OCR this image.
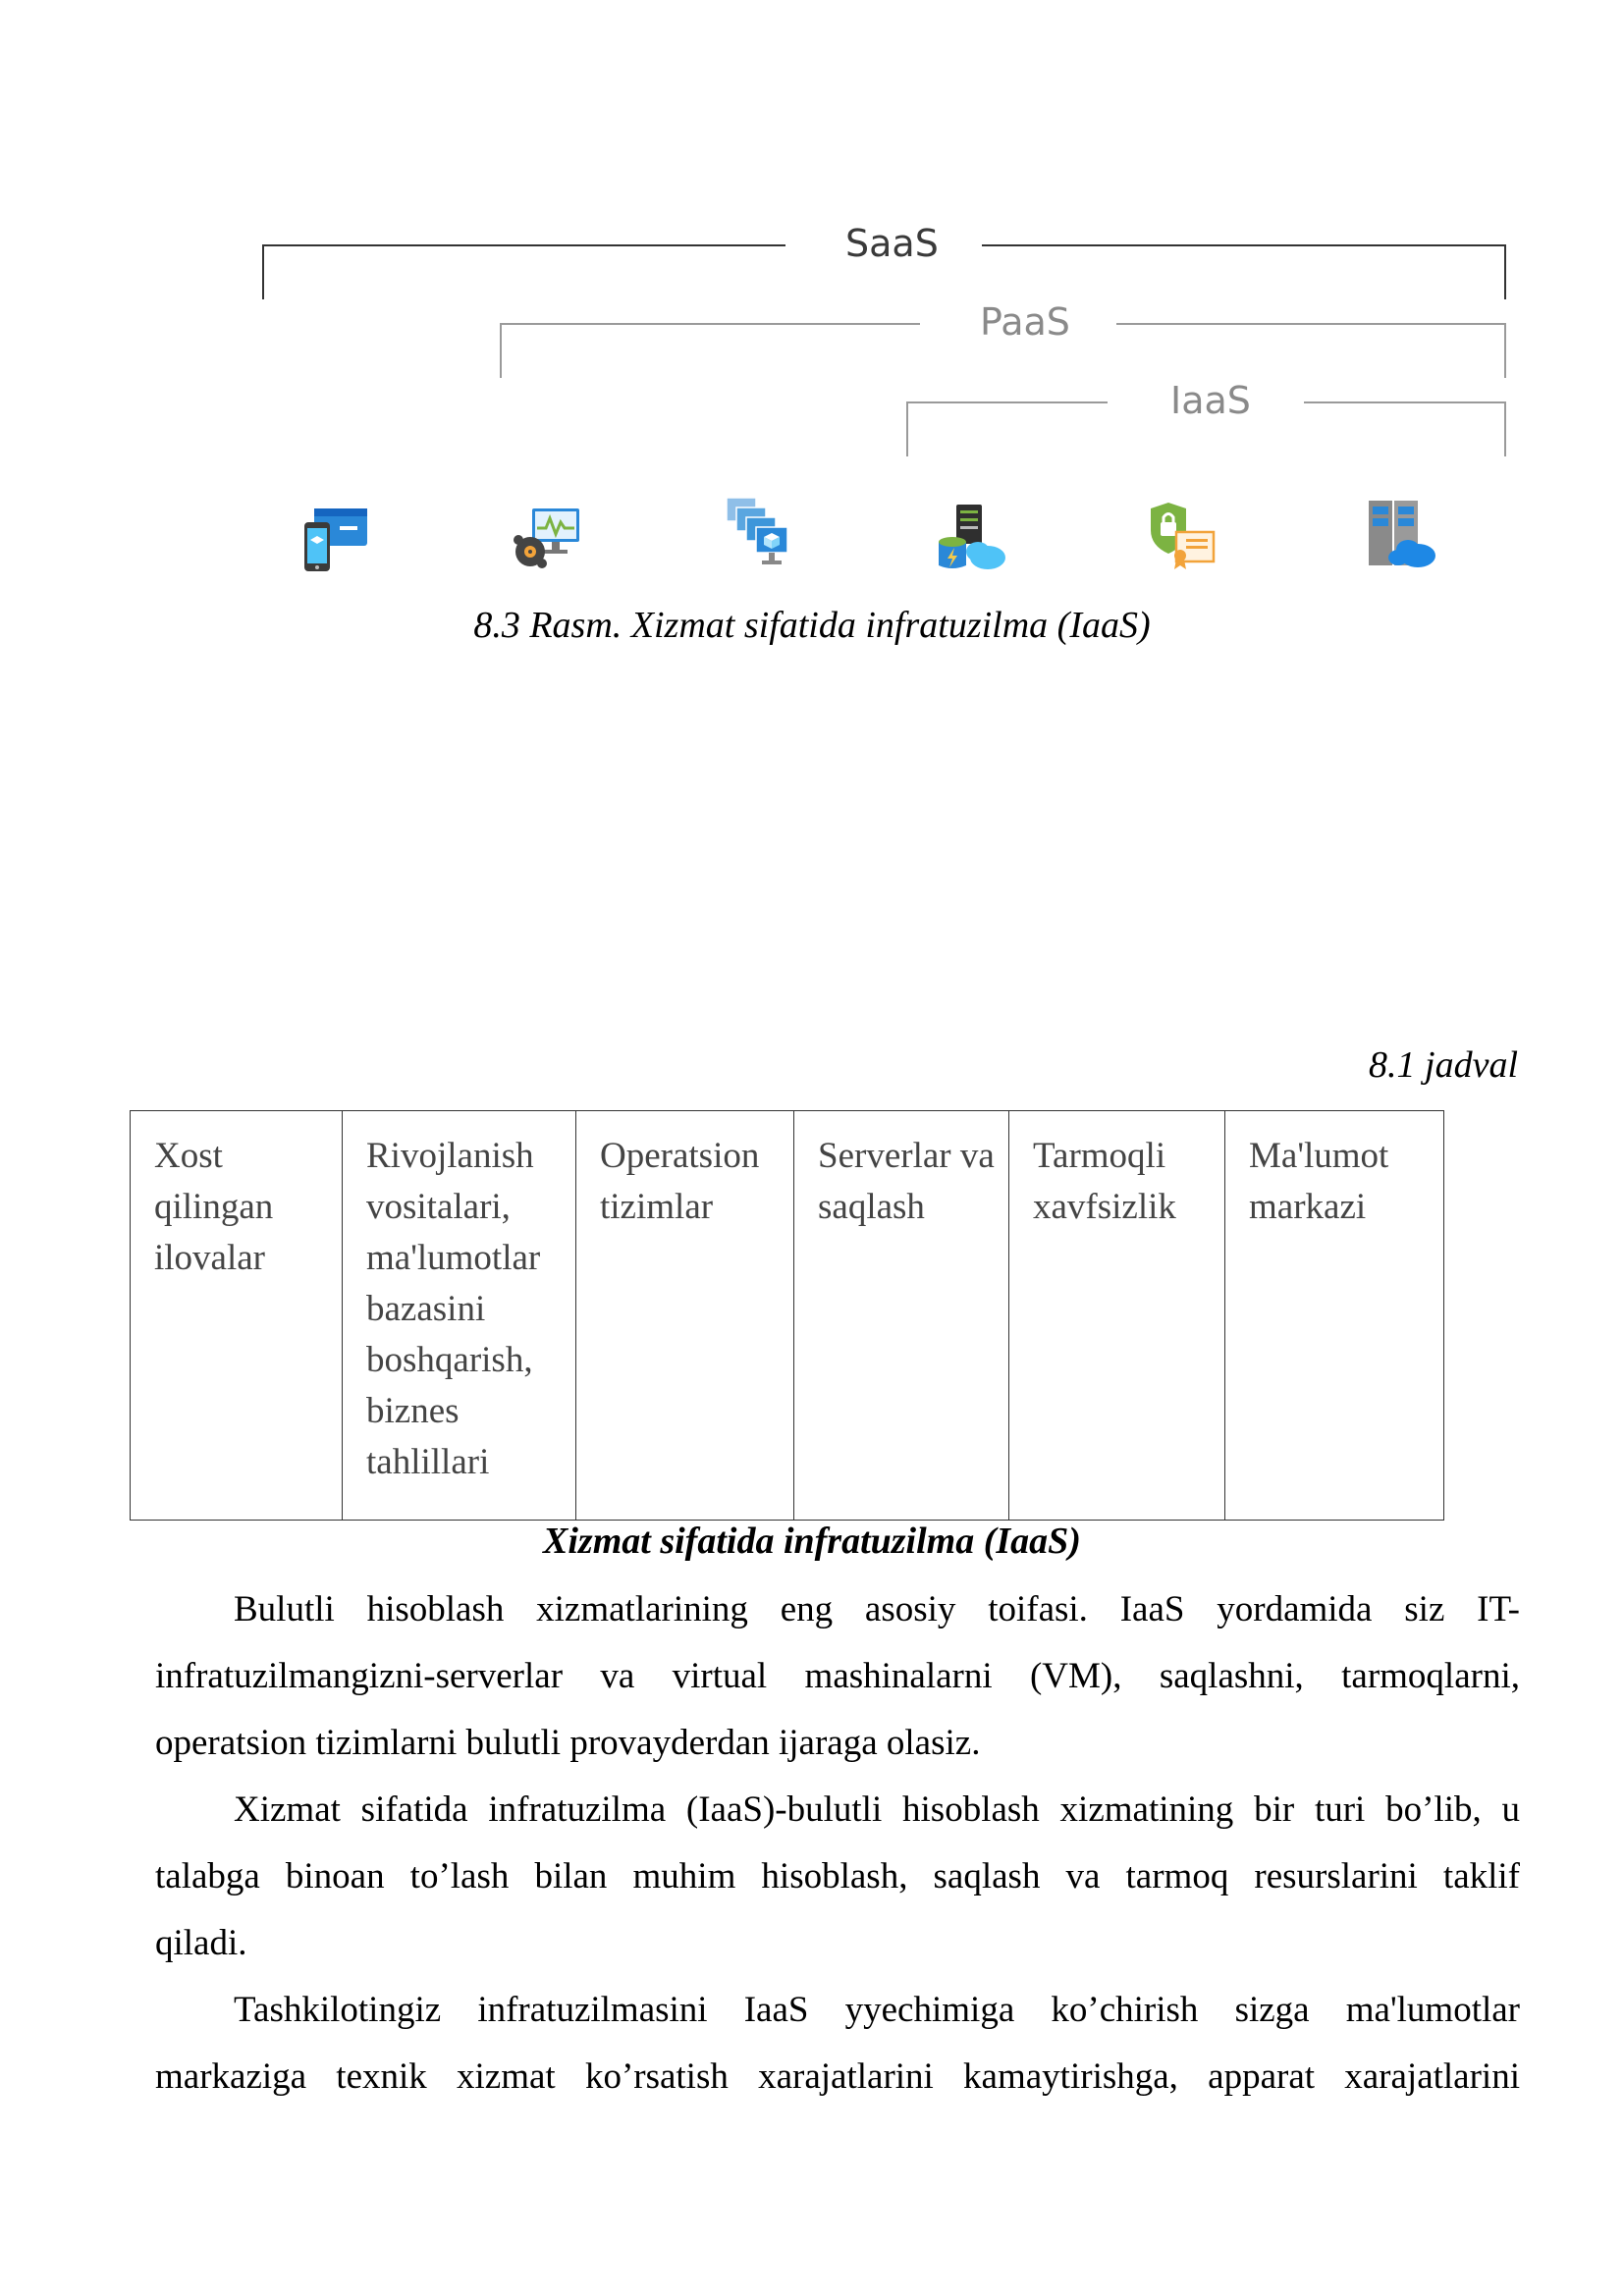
SaaS
PaaS
IaaS
8.3 Rasm. Xizmat sifatida infratuzilma (IaaS)
8.1 jadval
Xost qilingan ilovalar	Rivojlanish vositalari, ma'lumotlar bazasini boshqarish, biznes tahlillari	Operatsion tizimlar	Serverlar va saqlash	Tarmoqli xavfsizlik	Ma'lumot markazi
Xizmat sifatida infratuzilma (IaaS)
Bulutli hisoblash xizmatlarining eng asosiy toifasi. IaaS yordamida siz IT-
infratuzilmangizni-serverlar va virtual mashinalarni (VM), saqlashni, tarmoqlarni,
operatsion tizimlarni bulutli provayderdan ijaraga olasiz.
Xizmat sifatida infratuzilma (IaaS)-bulutli hisoblash xizmatining bir turi bo’lib, u
talabga binoan to’lash bilan muhim hisoblash, saqlash va tarmoq resurslarini taklif
qiladi.
Tashkilotingiz infratuzilmasini IaaS yyechimiga ko’chirish sizga ma'lumotlar
markaziga texnik xizmat ko’rsatish xarajatlarini kamaytirishga, apparat xarajatlarini
